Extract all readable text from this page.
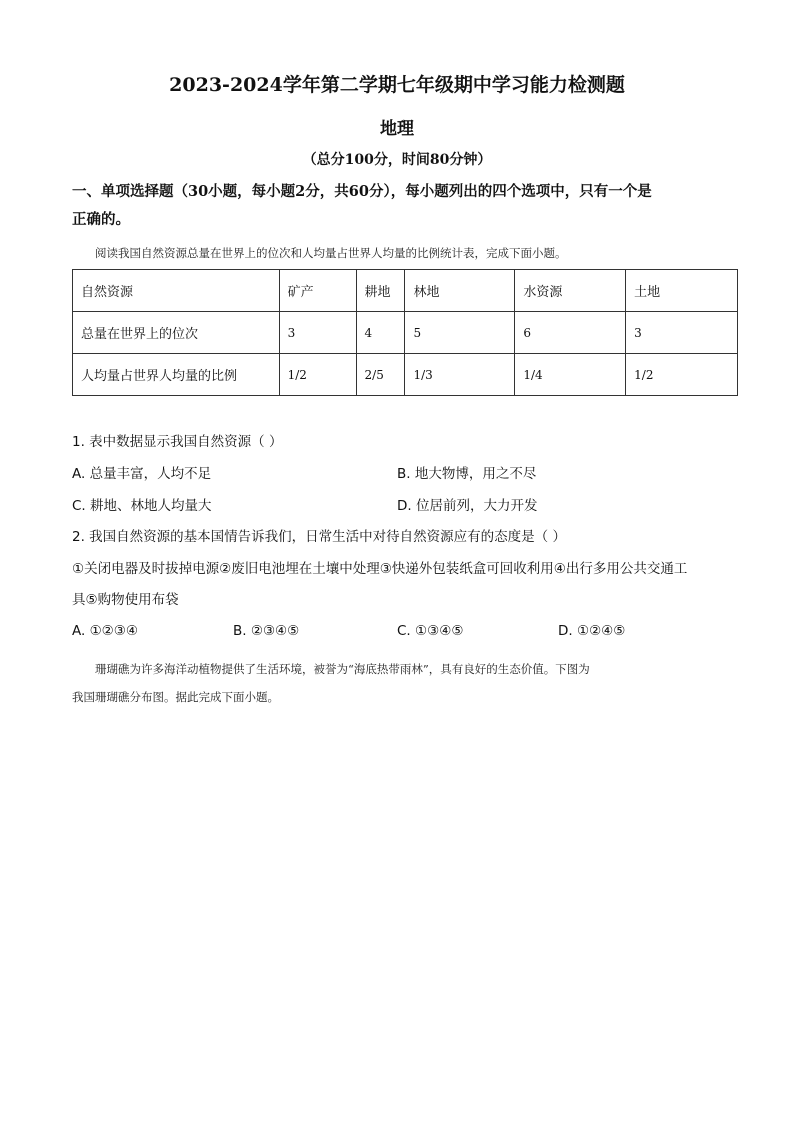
2023-2024学年第二学期七年级期中学习能力检测题
地理
（总分100分，时间80分钟）
一、单项选择题（30小题，每小题2分，共60分），每小题列出的四个选项中，只有一个是
正确的。
阅读我国自然资源总量在世界上的位次和人均量占世界人均量的比例统计表，完成下面小题。
自然资源	矿产	耕地	林地	水资源	土地
总量在世界上的位次	3	4	5	6	3
人均量占世界人均量的比例	1/2	2/5	1/3	1/4	1/2
1. 表中数据显示我国自然资源（ ）
A. 总量丰富，人均不足	B. 地大物博，用之不尽
C. 耕地、林地人均量大	D. 位居前列，大力开发
2. 我国自然资源的基本国情告诉我们，日常生活中对待自然资源应有的态度是（ ）
①关闭电器及时拔掉电源②废旧电池埋在土壤中处理③快递外包装纸盒可回收利用④出行多用公共交通工
具⑤购物使用布袋
A. ①②③④	B. ②③④⑤	C. ①③④⑤	D. ①②④⑤
珊瑚礁为许多海洋动植物提供了生活环境，被誉为“海底热带雨林”，具有良好的生态价值。下图为
我国珊瑚礁分布图。据此完成下面小题。
